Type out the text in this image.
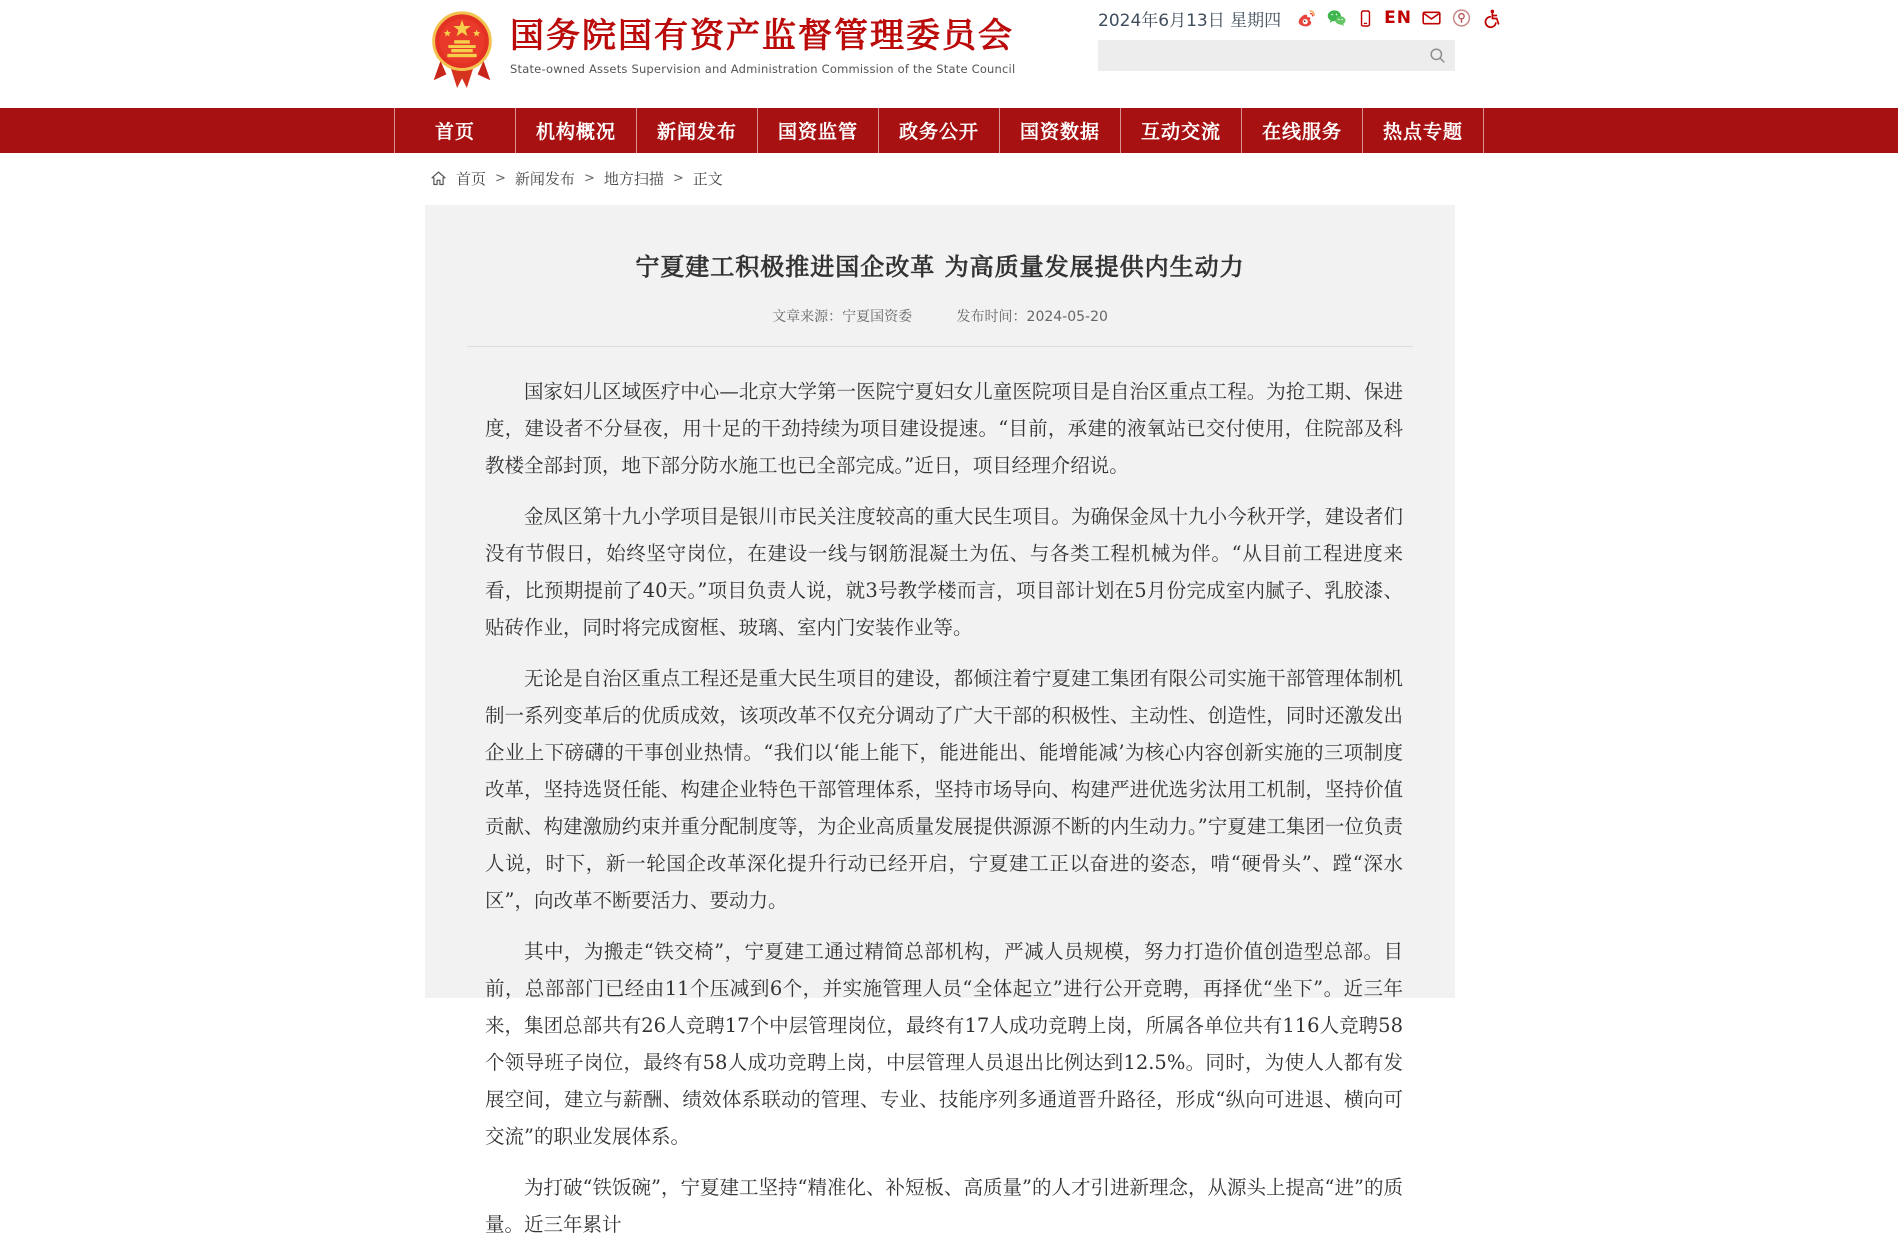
国务院国有资产监督管理委员会
State-owned Assets Supervision and Administration Commission of the State Council
2024年6月13日 星期四	EN
首页	机构概况	新闻发布	国资监管	政务公开	国资数据	互动交流	在线服务	热点专题
首页 > 新闻发布 > 地方扫描 > 正文
宁夏建工积极推进国企改革 为高质量发展提供内生动力
文章来源：宁夏国资委	发布时间：2024-05-20

国家妇儿区域医疗中心—北京大学第一医院宁夏妇女儿童医院项目是自治区重点工程。为抢工期、保进度，建设者不分昼夜，用十足的干劲持续为项目建设提速。“目前，承建的液氧站已交付使用，住院部及科教楼全部封顶，地下部分防水施工也已全部完成。”近日，项目经理介绍说。

金凤区第十九小学项目是银川市民关注度较高的重大民生项目。为确保金凤十九小今秋开学，建设者们没有节假日，始终坚守岗位，在建设一线与钢筋混凝土为伍、与各类工程机械为伴。“从目前工程进度来看，比预期提前了40天。”项目负责人说，就3号教学楼而言，项目部计划在5月份完成室内腻子、乳胶漆、贴砖作业，同时将完成窗框、玻璃、室内门安装作业等。

无论是自治区重点工程还是重大民生项目的建设，都倾注着宁夏建工集团有限公司实施干部管理体制机制一系列变革后的优质成效，该项改革不仅充分调动了广大干部的积极性、主动性、创造性，同时还激发出企业上下磅礴的干事创业热情。“我们以‘能上能下，能进能出、能增能减’为核心内容创新实施的三项制度改革，坚持选贤任能、构建企业特色干部管理体系，坚持市场导向、构建严进优选劣汰用工机制，坚持价值贡献、构建激励约束并重分配制度等，为企业高质量发展提供源源不断的内生动力。”宁夏建工集团一位负责人说，时下，新一轮国企改革深化提升行动已经开启，宁夏建工正以奋进的姿态，啃“硬骨头”、蹚“深水区”，向改革不断要活力、要动力。

其中，为搬走“铁交椅”，宁夏建工通过精简总部机构，严减人员规模，努力打造价值创造型总部。目前，总部部门已经由11个压减到6个，并实施管理人员“全体起立”进行公开竞聘，再择优“坐下”。近三年来，集团总部共有26人竞聘17个中层管理岗位，最终有17人成功竞聘上岗，所属各单位共有116人竞聘58个领导班子岗位，最终有58人成功竞聘上岗，中层管理人员退出比例达到12.5%。同时，为使人人都有发展空间，建立与薪酬、绩效体系联动的管理、专业、技能序列多通道晋升路径，形成“纵向可进退、横向可交流”的职业发展体系。

为打破“铁饭碗”，宁夏建工坚持“精准化、补短板、高质量”的人才引进新理念，从源头上提高“进”的质量。近三年累计
